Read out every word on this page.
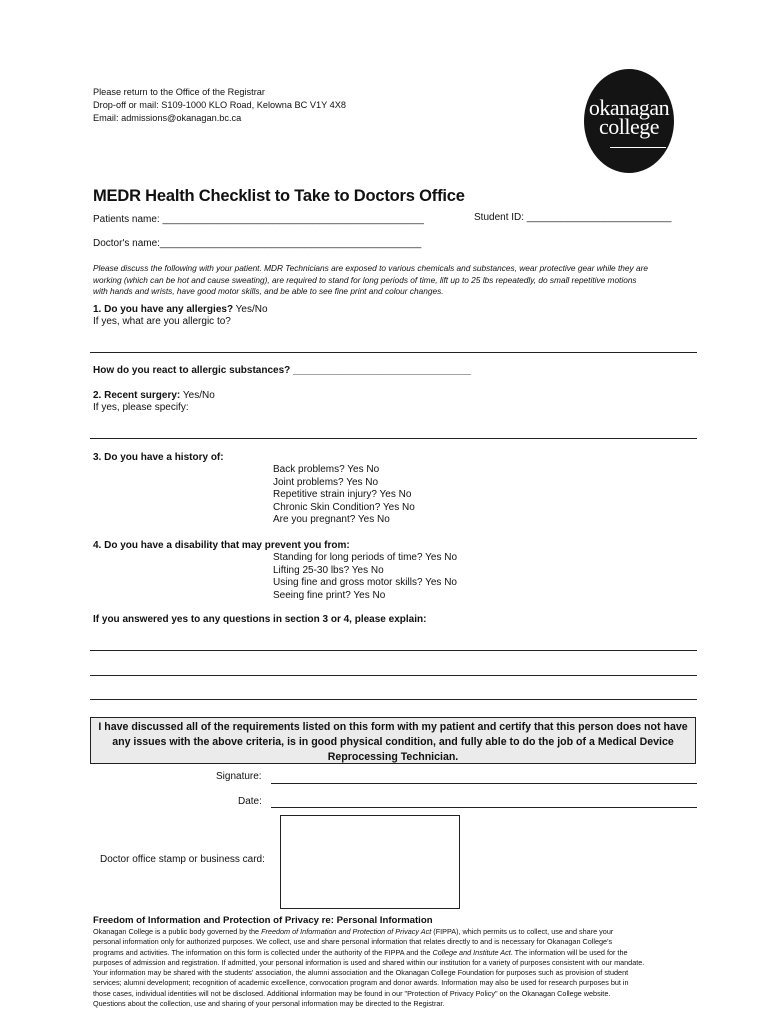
Please return to the Office of the Registrar
Drop-off or mail: S109-1000 KLO Road, Kelowna BC V1Y 4X8
Email: admissions@okanagan.bc.ca	okanagan
college
MEDR Health Checklist to Take to Doctors Office
Patients name: _______________________________________________	Student ID: __________________________
Doctor's name:_______________________________________________
Please discuss the following with your patient. MDR Technicians are exposed to various chemicals and substances, wear protective gear while they are
working (which can be hot and cause sweating), are required to stand for long periods of time, lift up to 25 lbs repeatedly, do small repetitive motions
with hands and wrists, have good motor skills, and be able to see fine print and colour changes.
1. Do you have any allergies? Yes/No
If yes, what are you allergic to?
How do you react to allergic substances? ________________________________
2. Recent surgery: Yes/No
If yes, please specify:
3. Do you have a history of:
Back problems? Yes No
Joint problems? Yes No
Repetitive strain injury? Yes No
Chronic Skin Condition? Yes No
Are you pregnant? Yes No
4. Do you have a disability that may prevent you from:
Standing for long periods of time? Yes No
Lifting 25-30 lbs? Yes No
Using fine and gross motor skills? Yes No
Seeing fine print? Yes No
If you answered yes to any questions in section 3 or 4, please explain:
I have discussed all of the requirements listed on this form with my patient and certify that this person does not have
any issues with the above criteria, is in good physical condition, and fully able to do the job of a Medical Device
Reprocessing Technician.
Signature:
Date:
Doctor office stamp or business card:
Freedom of Information and Protection of Privacy re: Personal Information
Okanagan College is a public body governed by the Freedom of Information and Protection of Privacy Act (FIPPA), which permits us to collect, use and share your
personal information only for authorized purposes. We collect, use and share personal information that relates directly to and is necessary for Okanagan College's
programs and activities. The information on this form is collected under the authority of the FIPPA and the College and Institute Act. The information will be used for the
purposes of admission and registration. If admitted, your personal information is used and shared within our institution for a variety of purposes consistent with our mandate.
Your information may be shared with the students' association, the alumni association and the Okanagan College Foundation for purposes such as provision of student
services; alumni development; recognition of academic excellence, convocation program and donor awards. Information may also be used for research purposes but in
those cases, individual identities will not be disclosed. Additional information may be found in our "Protection of Privacy Policy" on the Okanagan College website.
Questions about the collection, use and sharing of your personal information may be directed to the Registrar.
